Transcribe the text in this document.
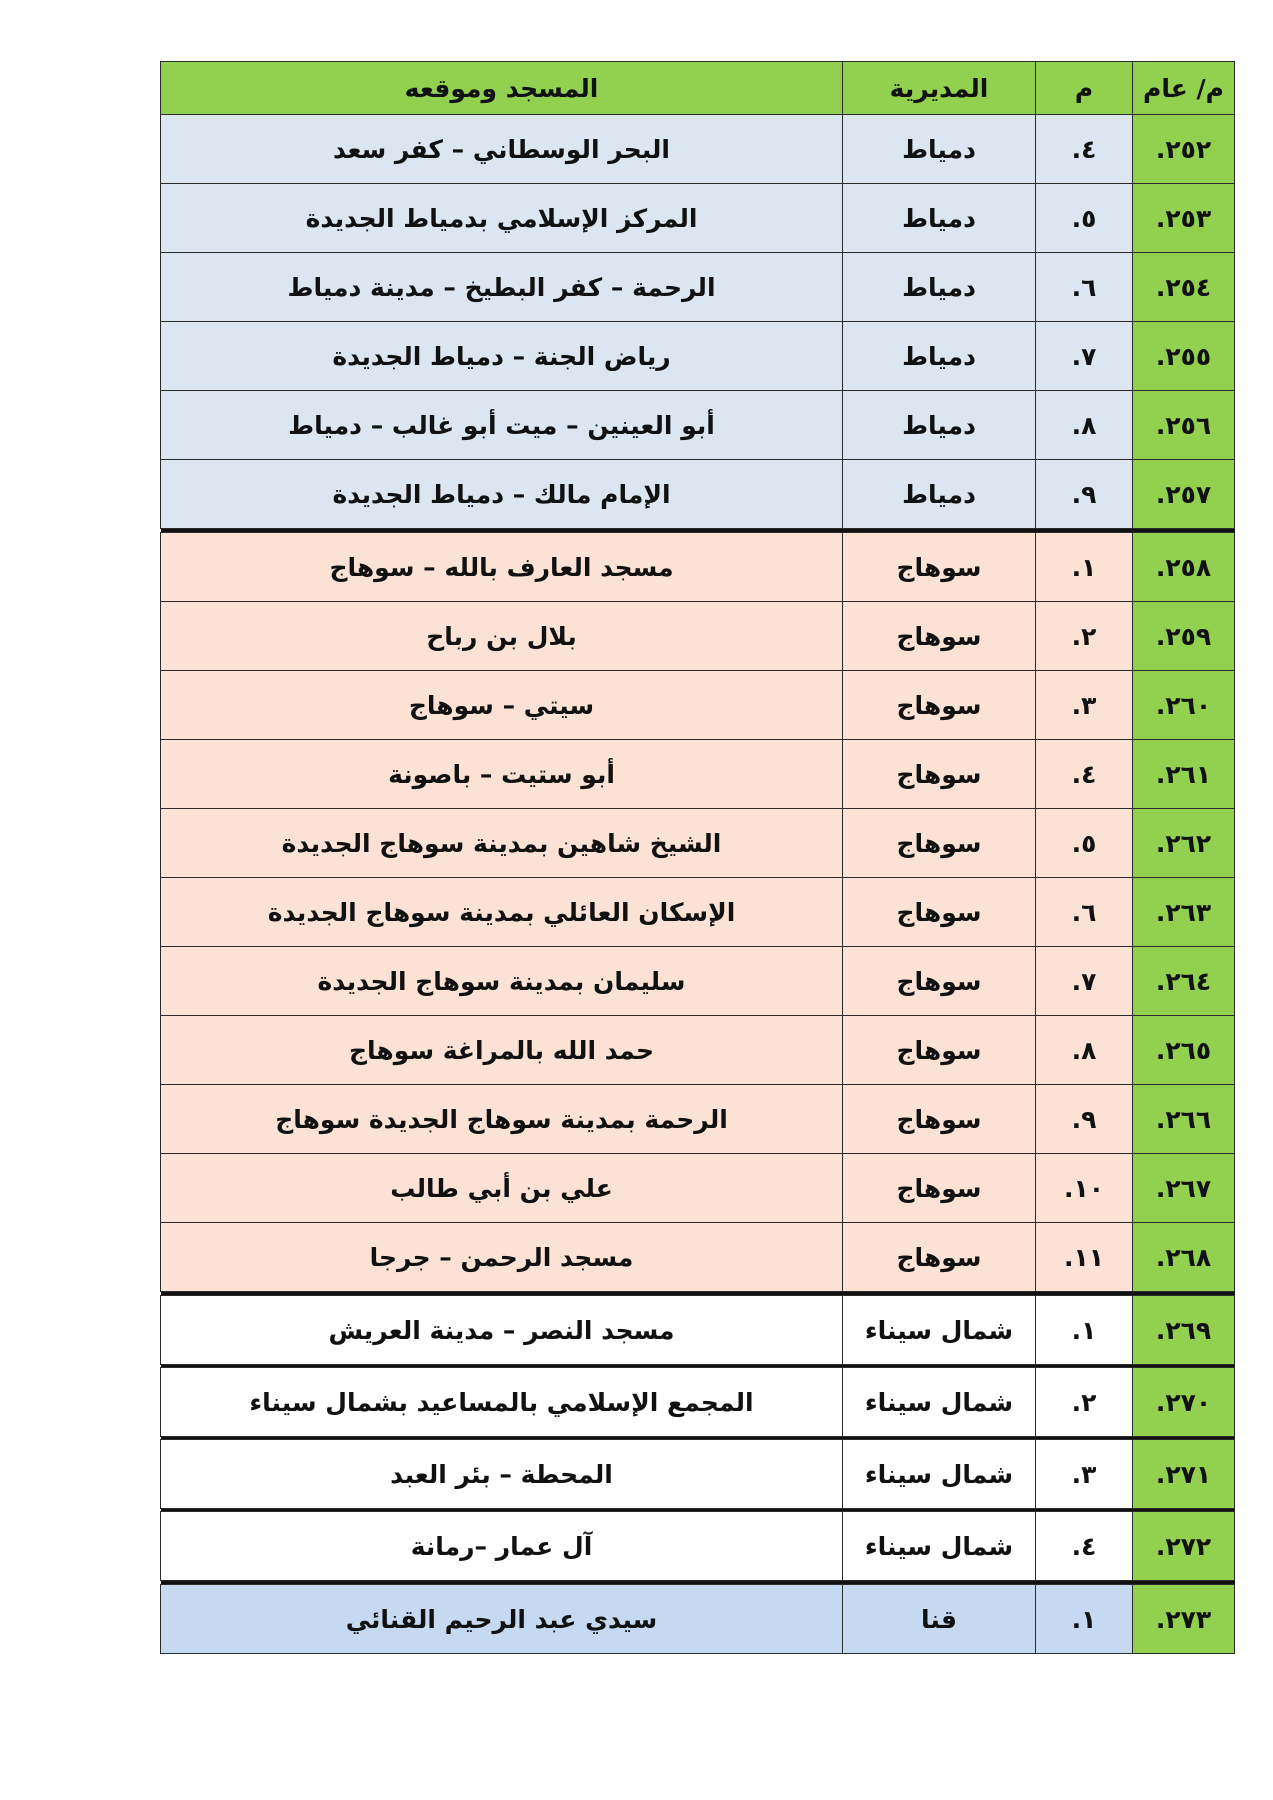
م/ عام	م	المديرية	المسجد وموقعه
٢٥٢.	٤.	دمياط	البحر الوسطاني – كفر سعد
٢٥٣.	٥.	دمياط	المركز الإسلامي بدمياط الجديدة
٢٥٤.	٦.	دمياط	الرحمة – كفر البطيخ – مدينة دمياط
٢٥٥.	٧.	دمياط	رياض الجنة – دمياط الجديدة
٢٥٦.	٨.	دمياط	أبو العينين – ميت أبو غالب – دمياط
٢٥٧.	٩.	دمياط	الإمام مالك – دمياط الجديدة

٢٥٨.	١.	سوهاج	مسجد العارف بالله – سوهاج
٢٥٩.	٢.	سوهاج	بلال بن رباح
٢٦٠.	٣.	سوهاج	سيتي – سوهاج
٢٦١.	٤.	سوهاج	أبو ستيت – باصونة
٢٦٢.	٥.	سوهاج	الشيخ شاهين بمدينة سوهاج الجديدة
٢٦٣.	٦.	سوهاج	الإسكان العائلي بمدينة سوهاج الجديدة
٢٦٤.	٧.	سوهاج	سليمان بمدينة سوهاج الجديدة
٢٦٥.	٨.	سوهاج	حمد الله بالمراغة سوهاج
٢٦٦.	٩.	سوهاج	الرحمة بمدينة سوهاج الجديدة سوهاج
٢٦٧.	١٠.	سوهاج	علي بن أبي طالب
٢٦٨.	١١.	سوهاج	مسجد الرحمن – جرجا

٢٦٩.	١.	شمال سيناء	مسجد النصر – مدينة العريش

٢٧٠.	٢.	شمال سيناء	المجمع الإسلامي بالمساعيد بشمال سيناء

٢٧١.	٣.	شمال سيناء	المحطة – بئر العبد

٢٧٢.	٤.	شمال سيناء	آل عمار –رمانة

٢٧٣.	١.	قنا	سيدي عبد الرحيم القنائي
